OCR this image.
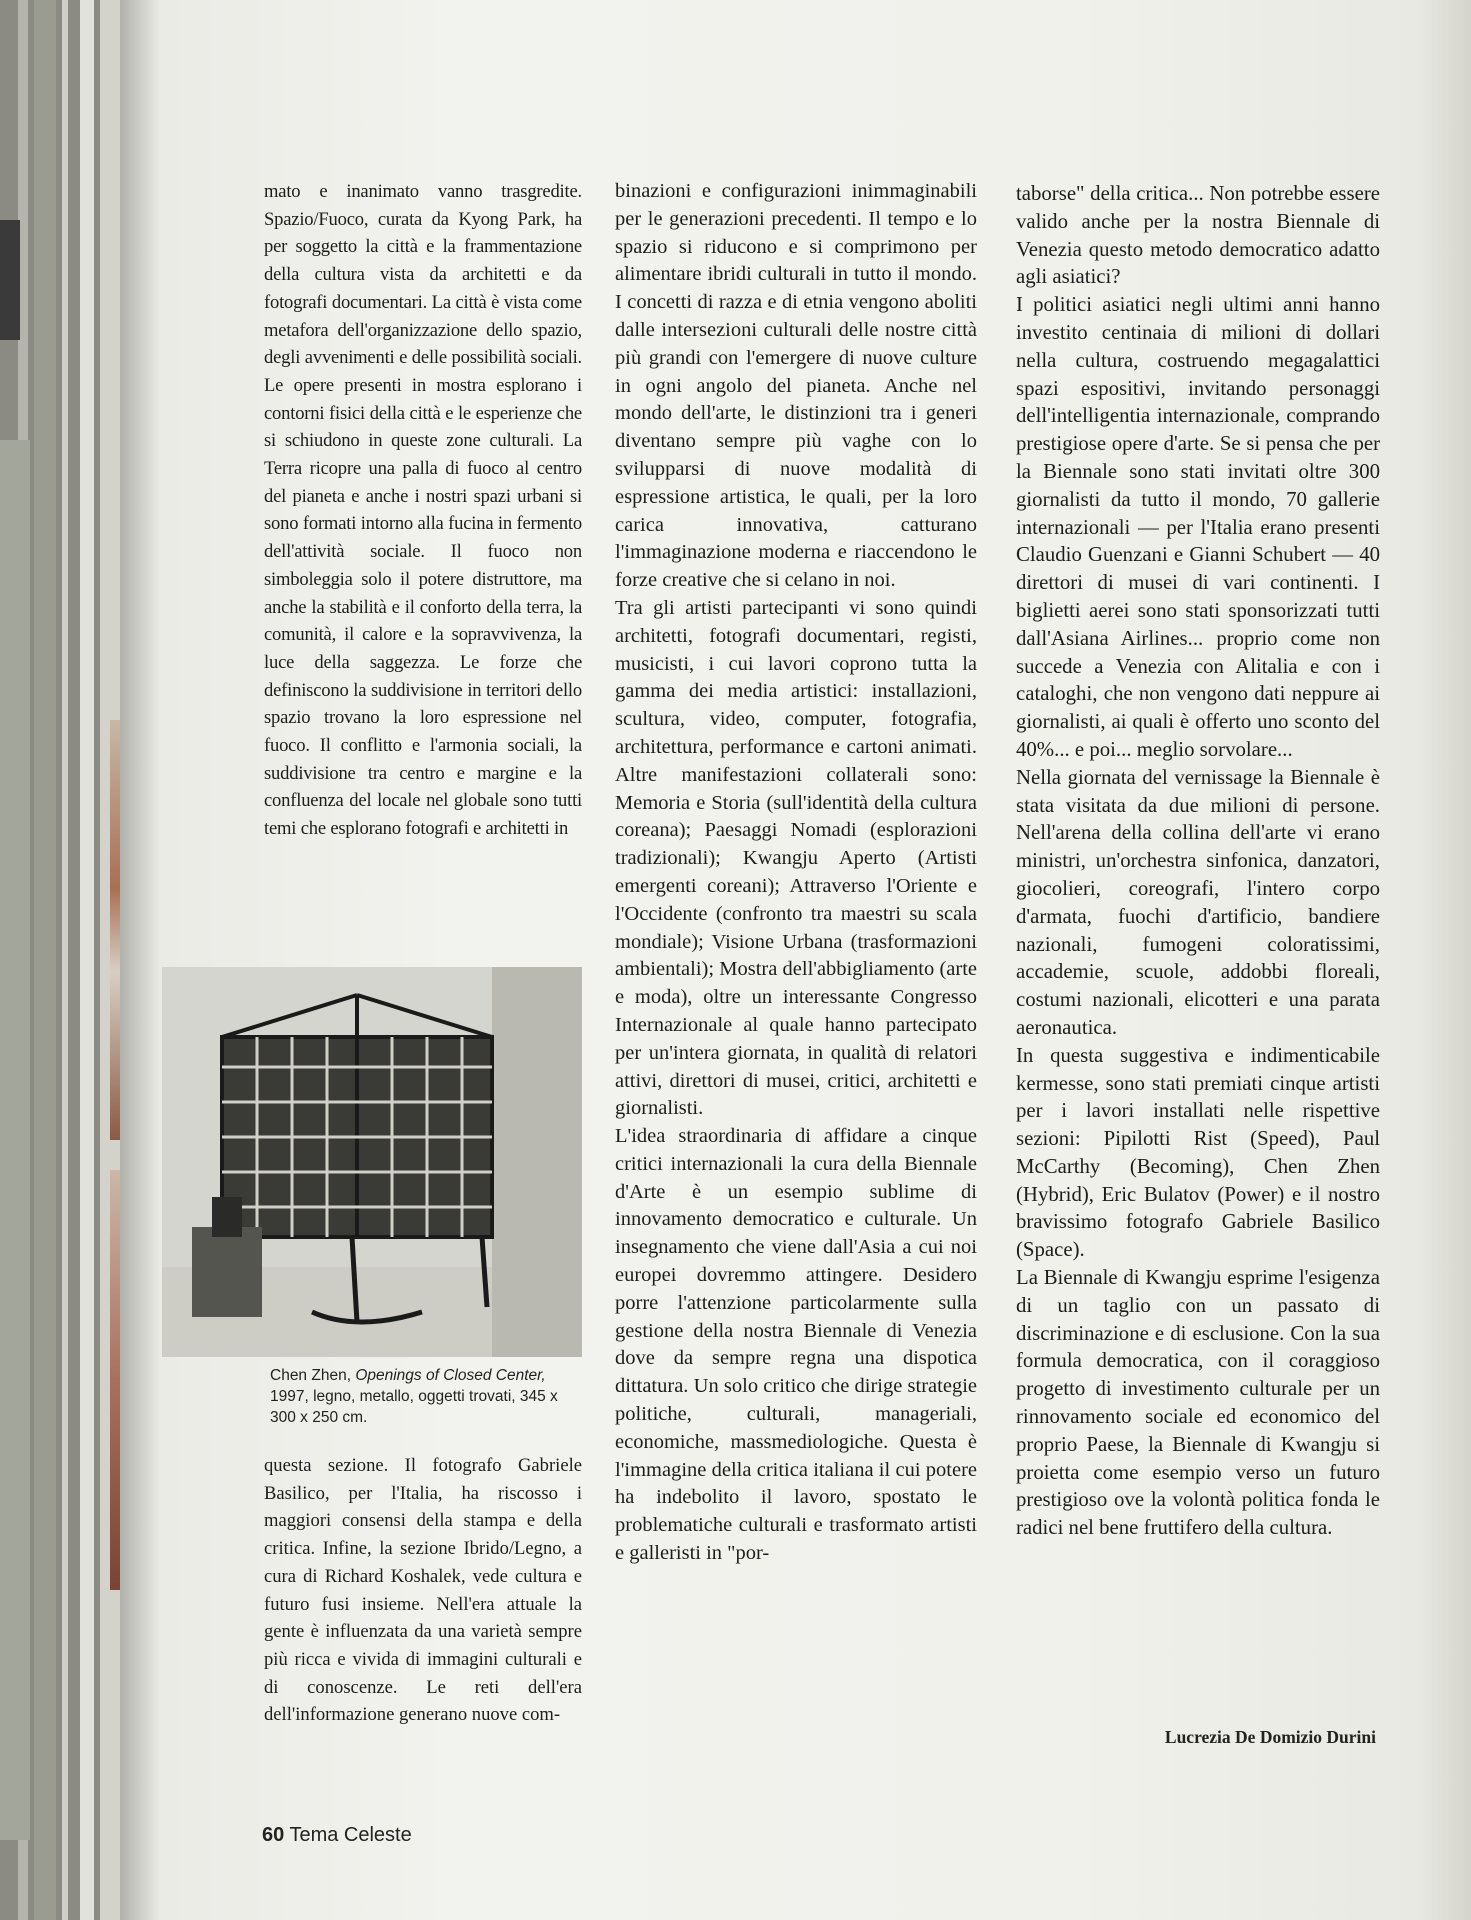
mato e inanimato vanno trasgredite. Spazio/Fuoco, curata da Kyong Park, ha per soggetto la città e la frammentazione della cultura vista da architetti e da fotografi documentari. La città è vista come metafora dell'organizzazione dello spazio, degli avvenimenti e delle possibilità sociali. Le opere presenti in mostra esplorano i contorni fisici della città e le esperienze che si schiudono in queste zone culturali. La Terra ricopre una palla di fuoco al centro del pianeta e anche i nostri spazi urbani si sono formati intorno alla fucina in fermento dell'attività sociale. Il fuoco non simboleggia solo il potere distruttore, ma anche la stabilità e il conforto della terra, la comunità, il calore e la sopravvivenza, la luce della saggezza. Le forze che definiscono la suddivisione in territori dello spazio trovano la loro espressione nel fuoco. Il conflitto e l'armonia sociali, la suddivisione tra centro e margine e la confluenza del locale nel globale sono tutti temi che esplorano fotografi e architetti in

Chen Zhen, Openings of Closed Center, 1997, legno, metallo, oggetti trovati, 345 x 300 x 250 cm.

questa sezione. Il fotografo Gabriele Basilico, per l'Italia, ha riscosso i maggiori consensi della stampa e della critica. Infine, la sezione Ibrido/Legno, a cura di Richard Koshalek, vede cultura e futuro fusi insieme. Nell'era attuale la gente è influenzata da una varietà sempre più ricca e vivida di immagini culturali e di conoscenze. Le reti dell'era dell'informazione generano nuove com-

binazioni e configurazioni inimmaginabili per le generazioni precedenti. Il tempo e lo spazio si riducono e si comprimono per alimentare ibridi culturali in tutto il mondo. I concetti di razza e di etnia vengono aboliti dalle intersezioni culturali delle nostre città più grandi con l'emergere di nuove culture in ogni angolo del pianeta. Anche nel mondo dell'arte, le distinzioni tra i generi diventano sempre più vaghe con lo svilupparsi di nuove modalità di espressione artistica, le quali, per la loro carica innovativa, catturano l'immaginazione moderna e riaccendono le forze creative che si celano in noi.

Tra gli artisti partecipanti vi sono quindi architetti, fotografi documentari, registi, musicisti, i cui lavori coprono tutta la gamma dei media artistici: installazioni, scultura, video, computer, fotografia, architettura, performance e cartoni animati. Altre manifestazioni collaterali sono: Memoria e Storia (sull'identità della cultura coreana); Paesaggi Nomadi (esplorazioni tradizionali); Kwangju Aperto (Artisti emergenti coreani); Attraverso l'Oriente e l'Occidente (confronto tra maestri su scala mondiale); Visione Urbana (trasformazioni ambientali); Mostra dell'abbigliamento (arte e moda), oltre un interessante Congresso Internazionale al quale hanno partecipato per un'intera giornata, in qualità di relatori attivi, direttori di musei, critici, architetti e giornalisti.

L'idea straordinaria di affidare a cinque critici internazionali la cura della Biennale d'Arte è un esempio sublime di innovamento democratico e culturale. Un insegnamento che viene dall'Asia a cui noi europei dovremmo attingere. Desidero porre l'attenzione particolarmente sulla gestione della nostra Biennale di Venezia dove da sempre regna una dispotica dittatura. Un solo critico che dirige strategie politiche, culturali, manageriali, economiche, massmediologiche. Questa è l'immagine della critica italiana il cui potere ha indebolito il lavoro, spostato le problematiche culturali e trasformato artisti e galleristi in "por-

taborse" della critica... Non potrebbe essere valido anche per la nostra Biennale di Venezia questo metodo democratico adatto agli asiatici?

I politici asiatici negli ultimi anni hanno investito centinaia di milioni di dollari nella cultura, costruendo megagalattici spazi espositivi, invitando personaggi dell'intelligentia internazionale, comprando prestigiose opere d'arte. Se si pensa che per la Biennale sono stati invitati oltre 300 giornalisti da tutto il mondo, 70 gallerie internazionali — per l'Italia erano presenti Claudio Guenzani e Gianni Schubert — 40 direttori di musei di vari continenti. I biglietti aerei sono stati sponsorizzati tutti dall'Asiana Airlines... proprio come non succede a Venezia con Alitalia e con i cataloghi, che non vengono dati neppure ai giornalisti, ai quali è offerto uno sconto del 40%... e poi... meglio sorvolare...

Nella giornata del vernissage la Biennale è stata visitata da due milioni di persone. Nell'arena della collina dell'arte vi erano ministri, un'orchestra sinfonica, danzatori, giocolieri, coreografi, l'intero corpo d'armata, fuochi d'artificio, bandiere nazionali, fumogeni coloratissimi, accademie, scuole, addobbi floreali, costumi nazionali, elicotteri e una parata aeronautica.

In questa suggestiva e indimenticabile kermesse, sono stati premiati cinque artisti per i lavori installati nelle rispettive sezioni: Pipilotti Rist (Speed), Paul McCarthy (Becoming), Chen Zhen (Hybrid), Eric Bulatov (Power) e il nostro bravissimo fotografo Gabriele Basilico (Space).

La Biennale di Kwangju esprime l'esigenza di un taglio con un passato di discriminazione e di esclusione. Con la sua formula democratica, con il coraggioso progetto di investimento culturale per un rinnovamento sociale ed economico del proprio Paese, la Biennale di Kwangju si proietta come esempio verso un futuro prestigioso ove la volontà politica fonda le radici nel bene fruttifero della cultura.

Lucrezia De Domizio Durini
60 Tema Celeste
